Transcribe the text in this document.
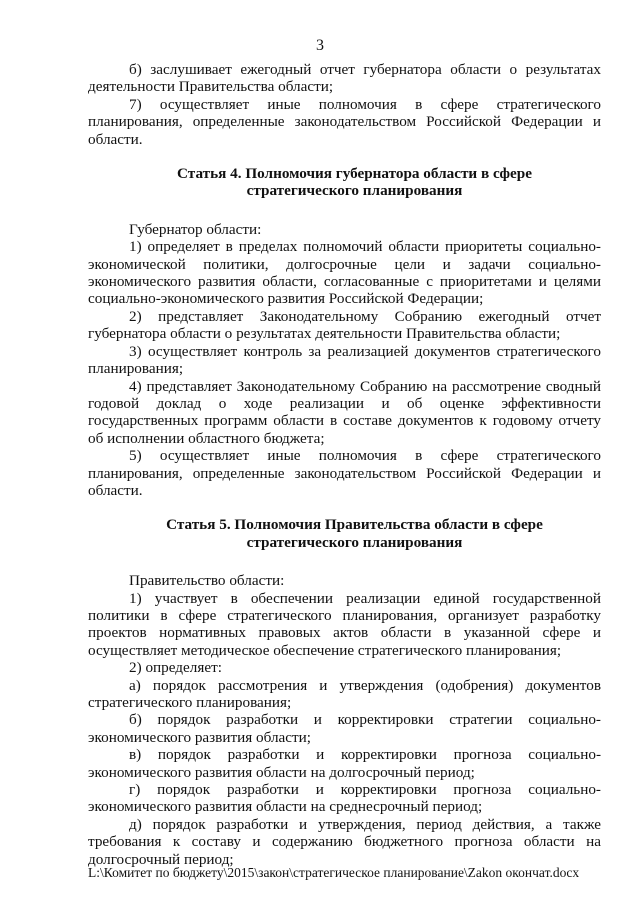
3

б) заслушивает ежегодный отчет губернатора области о результатах деятельности Правительства области;

7) осуществляет иные полномочия в сфере стратегического планирования, определенные законодательством Российской Федерации и области.

Статья 4. Полномочия губернатора области в сфере
стратегического планирования

Губернатор области:

1) определяет в пределах полномочий области приоритеты социально-экономической политики, долгосрочные цели и задачи социально-экономического развития области, согласованные с приоритетами и целями социально-экономического развития Российской Федерации;

2) представляет Законодательному Собранию ежегодный отчет губернатора области о результатах деятельности Правительства области;

3) осуществляет контроль за реализацией документов стратегического планирования;

4) представляет Законодательному Собранию на рассмотрение сводный годовой доклад о ходе реализации и об оценке эффективности государственных программ области в составе документов к годовому отчету об исполнении областного бюджета;

5) осуществляет иные полномочия в сфере стратегического планирования, определенные законодательством Российской Федерации и области.

Статья 5. Полномочия Правительства области в сфере
стратегического планирования

Правительство области:

1) участвует в обеспечении реализации единой государственной политики в сфере стратегического планирования, организует разработку проектов нормативных правовых актов области в указанной сфере и осуществляет методическое обеспечение стратегического планирования;

2) определяет:

а) порядок рассмотрения и утверждения (одобрения) документов стратегического планирования;

б) порядок разработки и корректировки стратегии социально-экономического развития области;

в) порядок разработки и корректировки прогноза социально-экономического развития области на долгосрочный период;

г) порядок разработки и корректировки прогноза социально-экономического развития области на среднесрочный период;

д) порядок разработки и утверждения, период действия, а также требования к составу и содержанию бюджетного прогноза области на долгосрочный период;

L:\Комитет по бюджету\2015\закон\стратегическое планирование\Zakon окончат.docx
